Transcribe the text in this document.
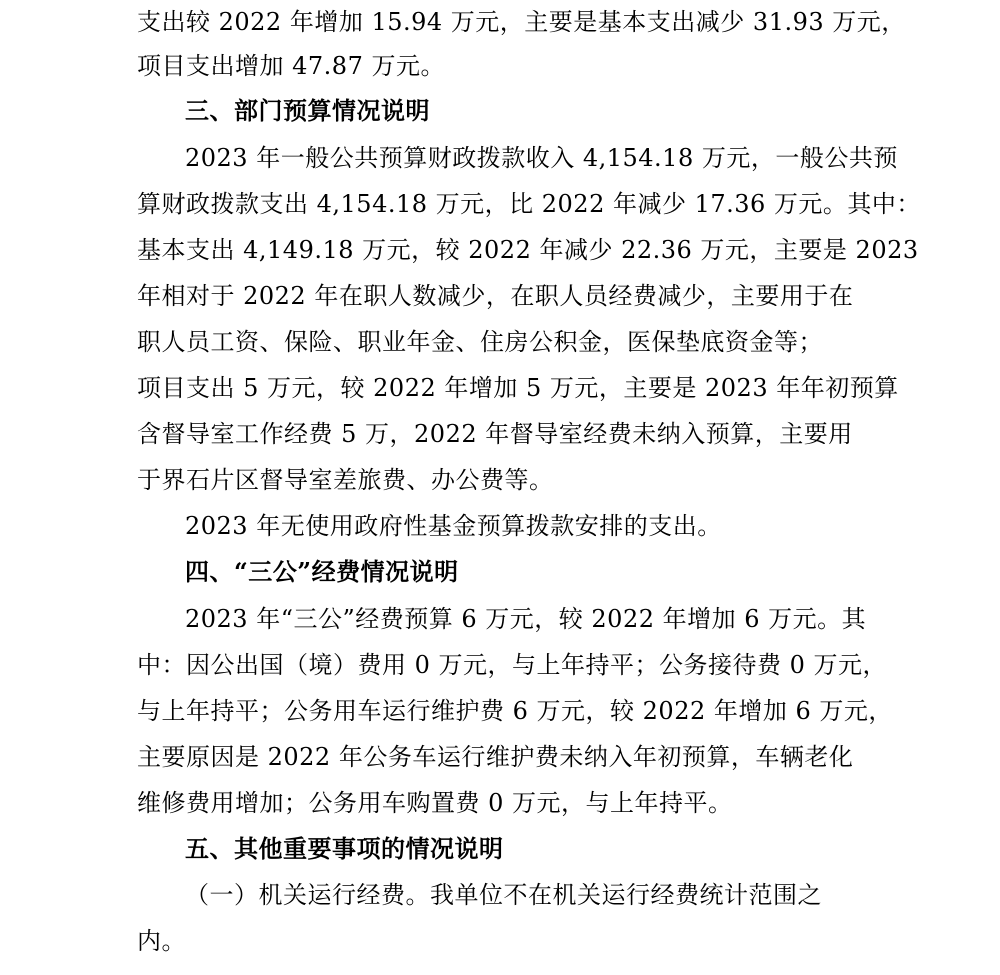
支出较 2022 年增加 15.94 万元，主要是基本支出减少 31.93 万元，
项目支出增加 47.87 万元。
三、部门预算情况说明
2023 年一般公共预算财政拨款收入 4,154.18 万元，一般公共预
算财政拨款支出 4,154.18 万元，比 2022 年减少 17.36 万元。其中：
基本支出 4,149.18 万元，较 2022 年减少 22.36 万元，主要是 2023
年相对于 2022 年在职人数减少，在职人员经费减少，主要用于在
职人员工资、保险、职业年金、住房公积金，医保垫底资金等；
项目支出 5 万元，较 2022 年增加 5 万元，主要是 2023 年年初预算
含督导室工作经费 5 万，2022 年督导室经费未纳入预算，主要用
于界石片区督导室差旅费、办公费等。
2023 年无使用政府性基金预算拨款安排的支出。
四、“三公”经费情况说明
2023 年“三公”经费预算 6 万元，较 2022 年增加 6 万元。其
中：因公出国（境）费用 0 万元，与上年持平；公务接待费 0 万元，
与上年持平；公务用车运行维护费 6 万元，较 2022 年增加 6 万元，
主要原因是 2022 年公务车运行维护费未纳入年初预算，车辆老化
维修费用增加；公务用车购置费 0 万元，与上年持平。
五、其他重要事项的情况说明
（一）机关运行经费。我单位不在机关运行经费统计范围之
内。
